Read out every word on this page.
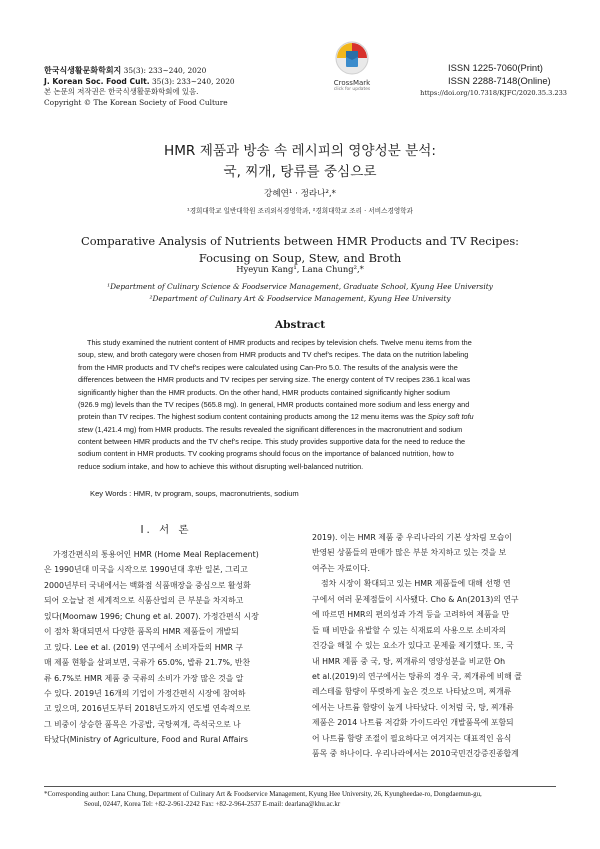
한국식생활문화학회지 35(3): 233~240, 2020
J. Korean Soc. Food Cult. 35(3): 233~240, 2020
본 논문의 저작권은 한국식생활문화학회에 있음.
Copyright © The Korean Society of Food Culture
CrossMark
click for updates
ISSN 1225-7060(Print)
ISSN 2288-7148(Online)
https://doi.org/10.7318/KJFC/2020.35.3.233
HMR 제품과 방송 속 레시피의 영양성분 분석:
국, 찌개, 탕류를 중심으로
강혜연¹ · 정라나²,*
¹경희대학교 일반대학원 조리외식경영학과, ²경희대학교 조리 · 서비스경영학과
Comparative Analysis of Nutrients between HMR Products and TV Recipes:
Focusing on Soup, Stew, and Broth
Hyeyun Kang¹, Lana Chung²,*
¹Department of Culinary Science & Foodservice Management, Graduate School, Kyung Hee University
²Department of Culinary Art & Foodservice Management, Kyung Hee University
Abstract
This study examined the nutrient content of HMR products and recipes by television chefs. Twelve menu items from the
soup, stew, and broth category were chosen from HMR products and TV chef’s recipes. The data on the nutrition labeling
from the HMR products and TV chef’s recipes were calculated using Can-Pro 5.0. The results of the analysis were the
differences between the HMR products and TV recipes per serving size. The energy content of TV recipes 236.1 kcal was
significantly higher than the HMR products. On the other hand, HMR products contained significantly higher sodium
(926.9 mg) levels than the TV recipes (565.8 mg). In general, HMR products contained more sodium and less energy and
protein than TV recipes. The highest sodium content containing products among the 12 menu items was the Spicy soft tofu
stew (1,421.4 mg) from HMR products. The results revealed the significant differences in the macronutrient and sodium
content between HMR products and the TV chef’s recipe. This study provides supportive data for the need to reduce the
sodium content in HMR products. TV cooking programs should focus on the importance of balanced nutrition, how to
reduce sodium intake, and how to achieve this without disrupting well-balanced nutrition.
Key Words : HMR, tv program, soups, macronutrients, sodium
I. 서 론
가정간편식의 통용어인 HMR (Home Meal Replacement)
은 1990년대 미국을 시작으로 1990년대 후반 일본, 그리고
2000년부터 국내에서는 백화점 식품매장을 중심으로 활성화
되어 오늘날 전 세계적으로 식품산업의 큰 부분을 차지하고
있다(Moomaw 1996; Chung et al. 2007). 가정간편식 시장
이 점차 확대되면서 다양한 품목의 HMR 제품들이 개발되
고 있다. Lee et al. (2019) 연구에서 소비자들의 HMR 구
매 제품 현황을 살펴보면, 국류가 65.0%, 밥류 21.7%, 반찬
류 6.7%로 HMR 제품 중 국류의 소비가 가장 많은 것을 알
수 있다. 2019년 16개의 기업이 가정간편식 시장에 참여하
고 있으며, 2016년도부터 2018년도까지 연도별 연속적으로
그 비중이 상승한 품목은 가공밥, 국탕찌개, 즉석국으로 나
타났다(Ministry of Agriculture, Food and Rural Affairs
2019). 이는 HMR 제품 중 우리나라의 기본 상차림 모습이
반영된 상품들의 판매가 많은 부분 차지하고 있는 것을 보
여주는 자료이다.
점차 시장이 확대되고 있는 HMR 제품들에 대해 선행 연
구에서 여러 문제점들이 시사됐다. Cho & An(2013)의 연구
에 따르면 HMR의 편의성과 가격 등을 고려하여 제품을 만
들 때 비만을 유발할 수 있는 식재료의 사용으로 소비자의
건강을 해칠 수 있는 요소가 있다고 문제를 제기했다. 또, 국
내 HMR 제품 중 국, 탕, 찌개류의 영양성분을 비교한 Oh
et al.(2019)의 연구에서는 탕류의 경우 국, 찌개류에 비해 콜
레스테롤 함량이 뚜렷하게 높은 것으로 나타났으며, 찌개류
에서는 나트륨 함량이 높게 나타났다. 이처럼 국, 탕, 찌개류
제품은 2014 나트륨 저감화 가이드라인 개발품목에 포함되
어 나트륨 함량 조절이 필요하다고 여겨지는 대표적인 음식
품목 중 하나이다. 우리나라에서는 2010국민건강증진종합계
*Corresponding author: Lana Chung, Department of Culinary Art & Foodservice Management, Kyung Hee University, 26, Kyungheedae-ro, Dongdaemun-gu,
Seoul, 02447, Korea Tel: +82-2-961-2242 Fax: +82-2-964-2537 E-mail: dearlana@khu.ac.kr
